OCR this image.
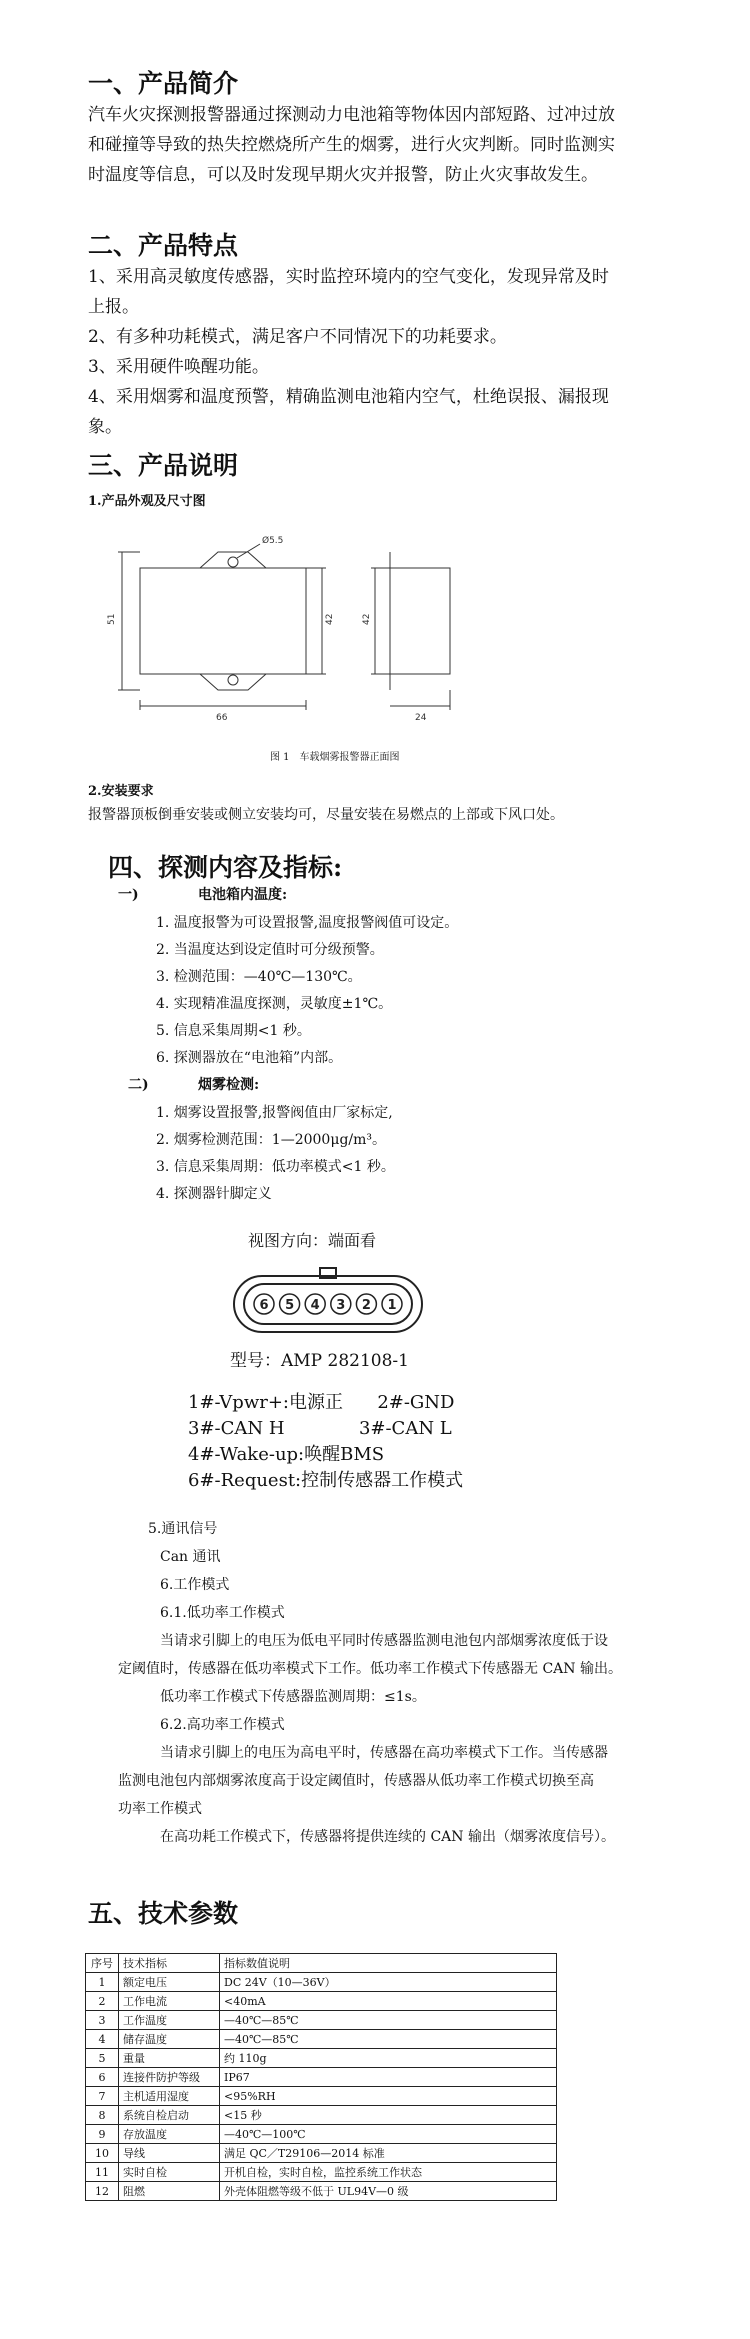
一、产品简介
汽车火灾探测报警器通过探测动力电池箱等物体因内部短路、过冲过放
和碰撞等导致的热失控燃烧所产生的烟雾，进行火灾判断。同时监测实
时温度等信息，可以及时发现早期火灾并报警，防止火灾事故发生。
二、产品特点
1、采用高灵敏度传感器，实时监控环境内的空气变化，发现异常及时
上报。
2、有多种功耗模式，满足客户不同情况下的功耗要求。
3、采用硬件唤醒功能。
4、采用烟雾和温度预警，精确监测电池箱内空气，杜绝误报、漏报现
象。
三、产品说明
1.产品外观及尺寸图
Ø5.5
51	42
66
42
24
图 1　车载烟雾报警器正面图
2.安装要求
报警器顶板倒垂安装或侧立安装均可，尽量安装在易燃点的上部或下风口处。
四、探测内容及指标:
一)	电池箱内温度:
1. 温度报警为可设置报警,温度报警阀值可设定。
2. 当温度达到设定值时可分级预警。
3. 检测范围：—40℃—130℃。
4. 实现精准温度探测，灵敏度±1℃。
5. 信息采集周期<1 秒。
6. 探测器放在“电池箱”内部。
二)	烟雾检测:
1. 烟雾设置报警,报警阀值由厂家标定,
2. 烟雾检测范围：1—2000μg/m³。
3. 信息采集周期：低功率模式<1 秒。
4. 探测器针脚定义
视图方向：端面看
6 5 4 3 2 1
型号：AMP 282108-1
1#-Vpwr+:电源正      2#-GND
3#-CAN H             3#-CAN L
4#-Wake-up:唤醒BMS
6#-Request:控制传感器工作模式
5.通讯信号
Can 通讯
6.工作模式
6.1.低功率工作模式
当请求引脚上的电压为低电平同时传感器监测电池包内部烟雾浓度低于设
定阈值时，传感器在低功率模式下工作。低功率工作模式下传感器无 CAN 输出。
低功率工作模式下传感器监测周期：≤1s。
6.2.高功率工作模式
当请求引脚上的电压为高电平时，传感器在高功率模式下工作。当传感器
监测电池包内部烟雾浓度高于设定阈值时，传感器从低功率工作模式切换至高
功率工作模式
在高功耗工作模式下，传感器将提供连续的 CAN 输出（烟雾浓度信号）。
五、技术参数
序号	技术指标	指标数值说明
1	额定电压	DC 24V（10—36V）
2	工作电流	<40mA
3	工作温度	—40℃—85℃
4	储存温度	—40℃—85℃
5	重量	约 110g
6	连接件防护等级	IP67
7	主机适用湿度	<95%RH
8	系统自检启动	<15 秒
9	存放温度	—40℃—100℃
10	导线	满足 QC／T29106—2014 标准
11	实时自检	开机自检，实时自检，监控系统工作状态
12	阻燃	外壳体阻燃等级不低于 UL94V—0 级
